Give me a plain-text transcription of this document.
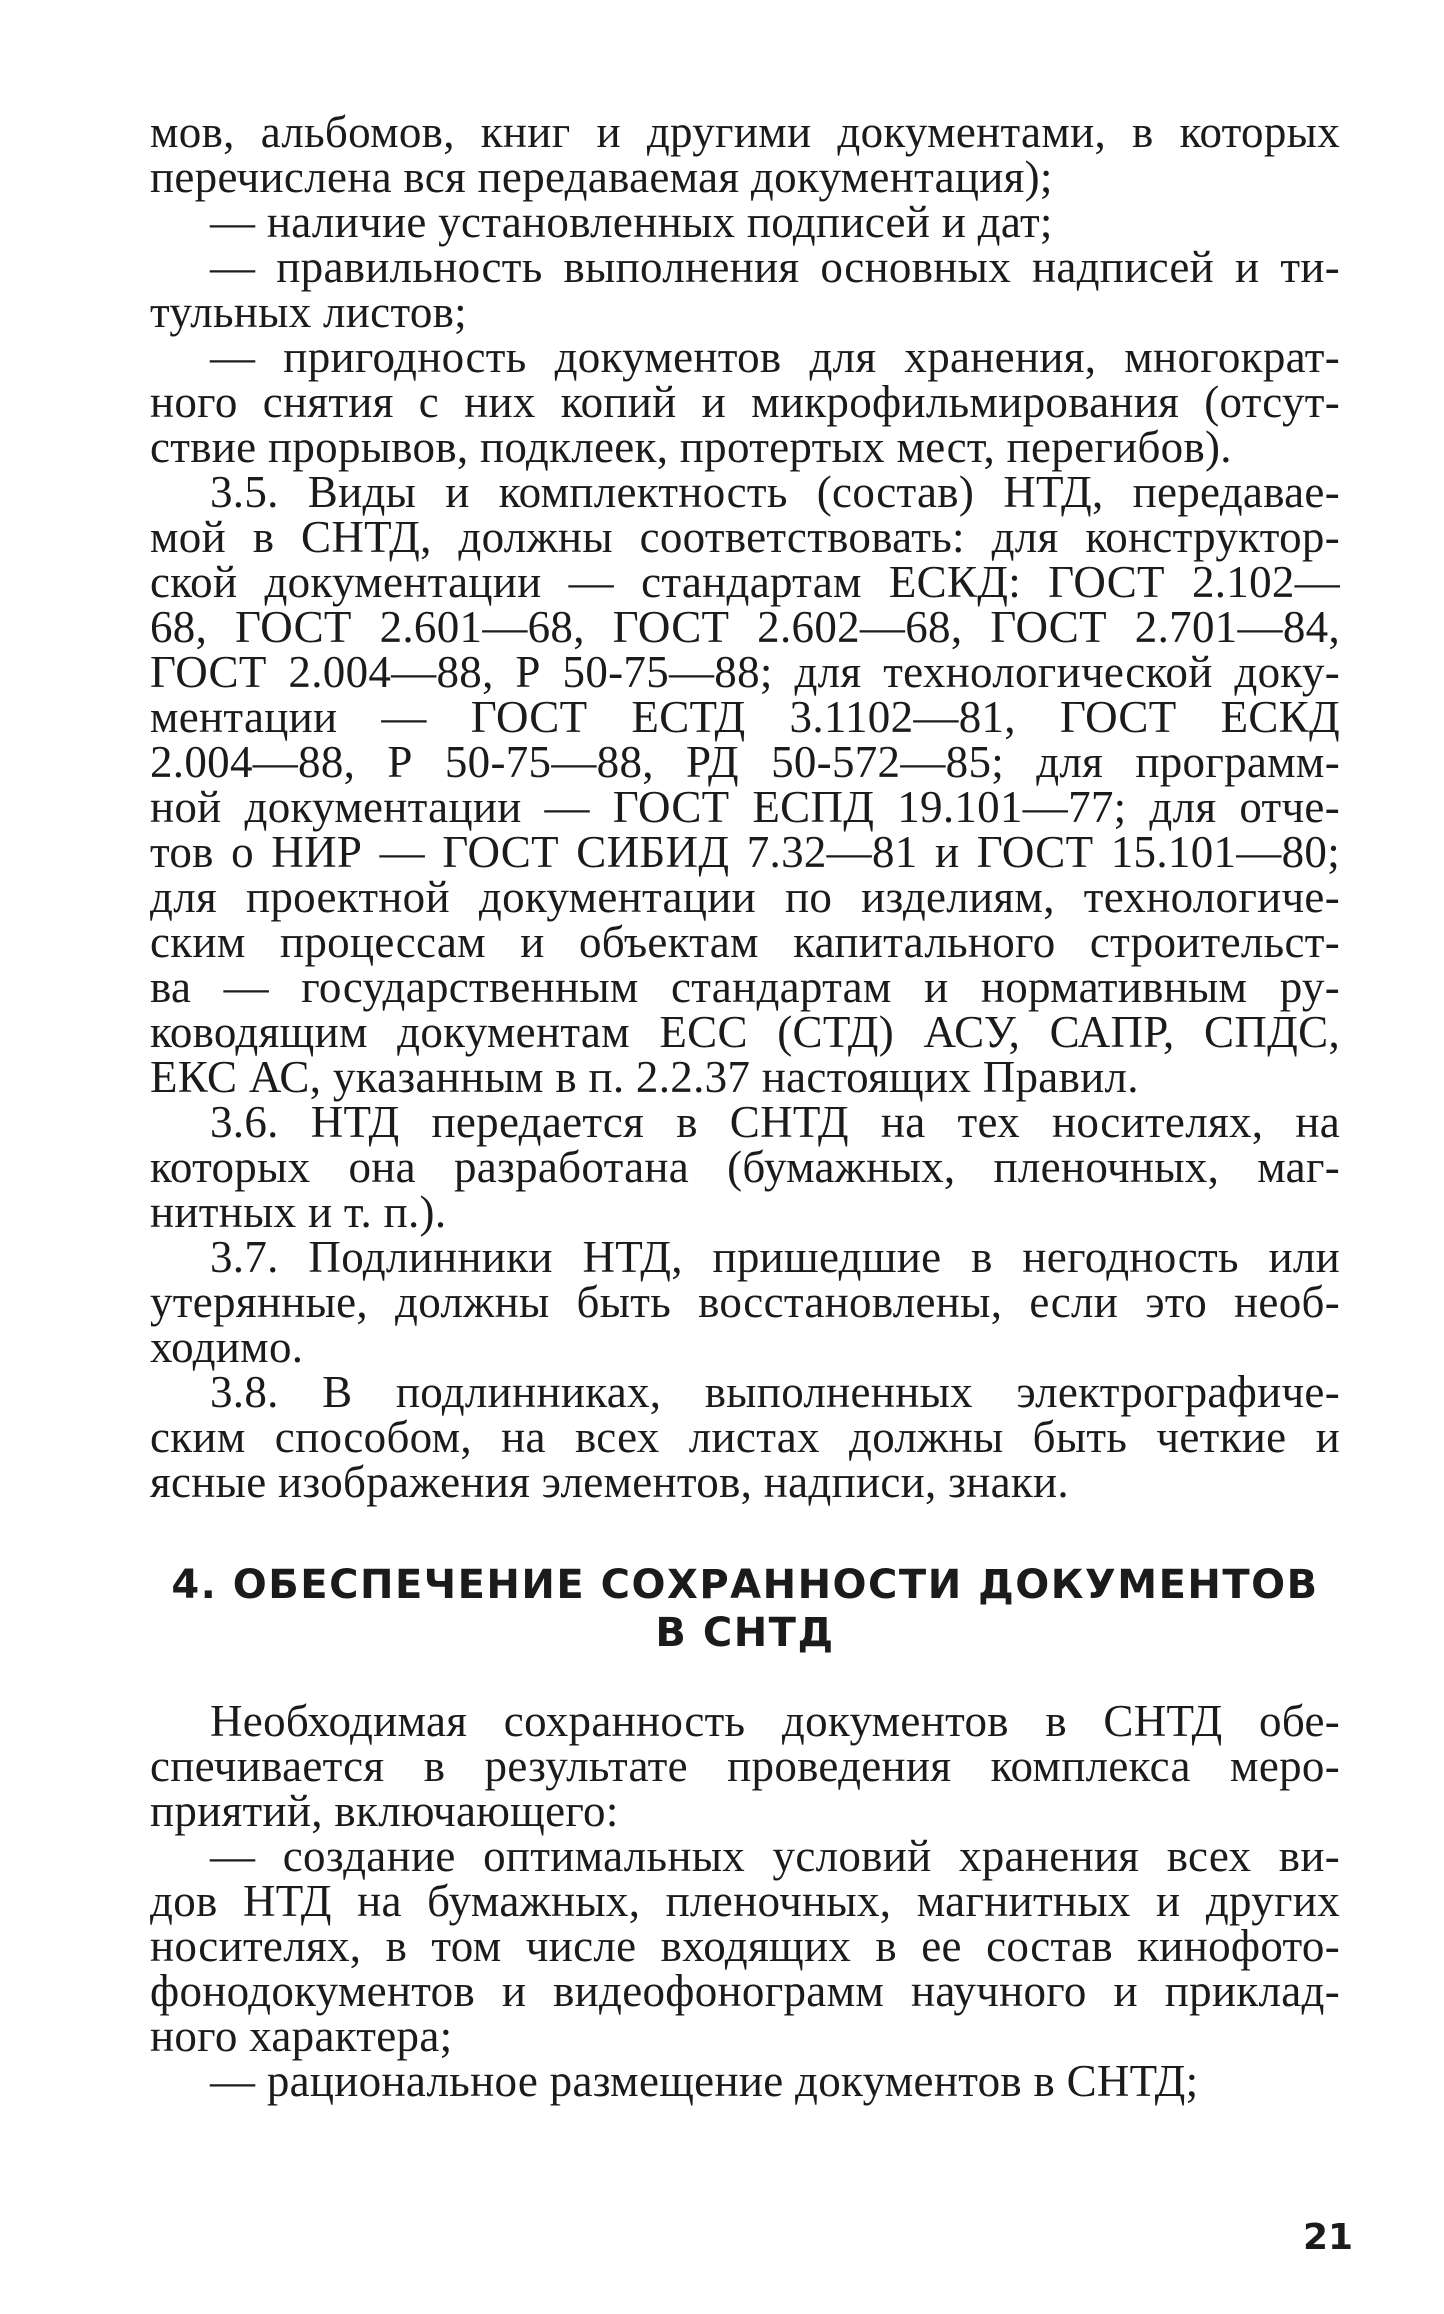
мов, альбомов, книг и другими документами, в которых
перечислена вся передаваемая документация);
— наличие установленных подписей и дат;
— правильность выполнения основных надписей и ти-
тульных листов;
— пригодность документов для хранения, многократ-
ного снятия с них копий и микрофильмирования (отсут-
ствие прорывов, подклеек, протертых мест, перегибов).
3.5. Виды и комплектность (состав) НТД, передавае-
мой в СНТД, должны соответствовать: для конструктор-
ской документации — стандартам ЕСКД: ГОСТ 2.102—
68, ГОСТ 2.601—68, ГОСТ 2.602—68, ГОСТ 2.701—84,
ГОСТ 2.004—88, Р 50-75—88; для технологической доку-
ментации — ГОСТ ЕСТД 3.1102—81, ГОСТ ЕСКД
2.004—88, Р 50-75—88, РД 50-572—85; для программ-
ной документации — ГОСТ ЕСПД 19.101—77; для отче-
тов о НИР — ГОСТ СИБИД 7.32—81 и ГОСТ 15.101—80;
для проектной документации по изделиям, технологиче-
ским процессам и объектам капитального строительст-
ва — государственным стандартам и нормативным ру-
ководящим документам ЕСС (СТД) АСУ, САПР, СПДС,
ЕКС АС, указанным в п. 2.2.37 настоящих Правил.
3.6. НТД передается в СНТД на тех носителях, на
которых она разработана (бумажных, пленочных, маг-
нитных и т. п.).
3.7. Подлинники НТД, пришедшие в негодность или
утерянные, должны быть восстановлены, если это необ-
ходимо.
3.8. В подлинниках, выполненных электрографиче-
ским способом, на всех листах должны быть четкие и
ясные изображения элементов, надписи, знаки.
4. ОБЕСПЕЧЕНИЕ СОХРАННОСТИ ДОКУМЕНТОВ
В СНТД
Необходимая сохранность документов в СНТД обе-
спечивается в результате проведения комплекса меро-
приятий, включающего:
— создание оптимальных условий хранения всех ви-
дов НТД на бумажных, пленочных, магнитных и других
носителях, в том числе входящих в ее состав кинофото-
фонодокументов и видеофонограмм научного и приклад-
ного характера;
— рациональное размещение документов в СНТД;
21
